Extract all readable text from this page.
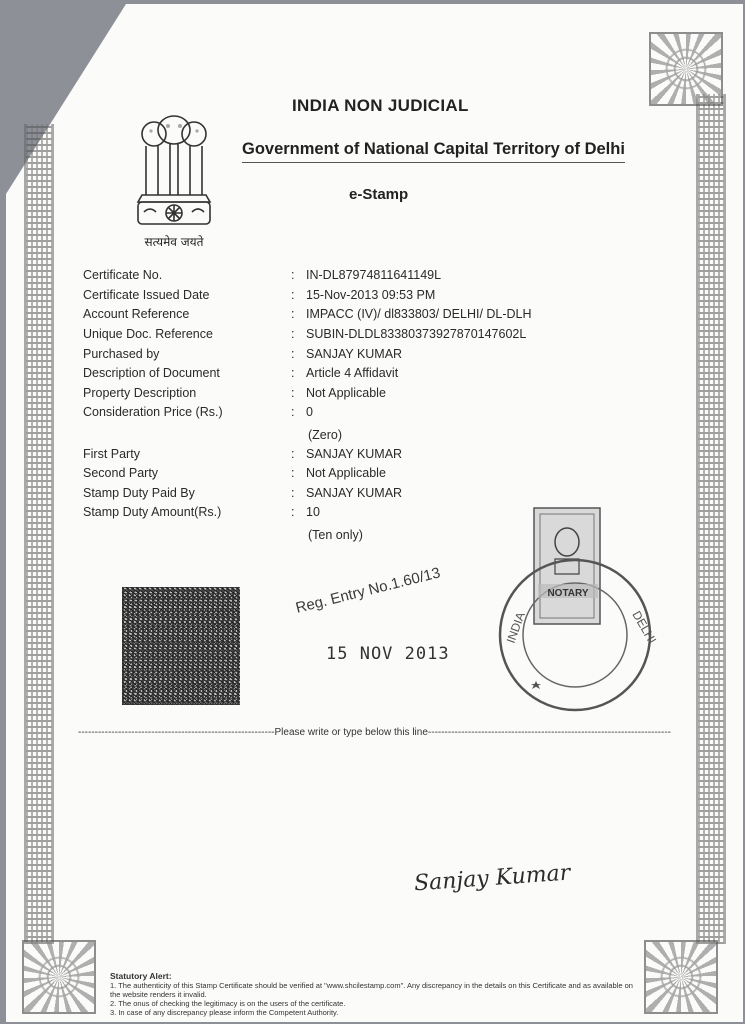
सत्यमेव जयते
INDIA NON JUDICIAL
Government of National Capital Territory of Delhi
e-Stamp
Certificate No.	: IN-DL87974811641149L
Certificate Issued Date	: 15-Nov-2013 09:53 PM
Account Reference	: IMPACC (IV)/ dl833803/ DELHI/ DL-DLH
Unique Doc. Reference	: SUBIN-DLDL83380373927870147602L
Purchased by	: SANJAY KUMAR
Description of Document	: Article 4 Affidavit
Property Description	: Not Applicable
Consideration Price (Rs.)	: 0
(Zero)
First Party	: SANJAY KUMAR
Second Party	: Not Applicable
Stamp Duty Paid By	: SANJAY KUMAR
Stamp Duty Amount(Rs.)	: 10
(Ten only)
Reg. Entry No.1.60/13
15 NOV 2013
NOTARY
INDIA	DELHI
-----------------------------------------------------------Please write or type below this line-------------------------------------------------------------------------
Sanjay Kumar
Statutory Alert:
1. The authenticity of this Stamp Certificate should be verified at "www.shcilestamp.com". Any discrepancy in the details on this Certificate and as available on the website renders it invalid.
2. The onus of checking the legitimacy is on the users of the certificate.
3. In case of any discrepancy please inform the Competent Authority.
